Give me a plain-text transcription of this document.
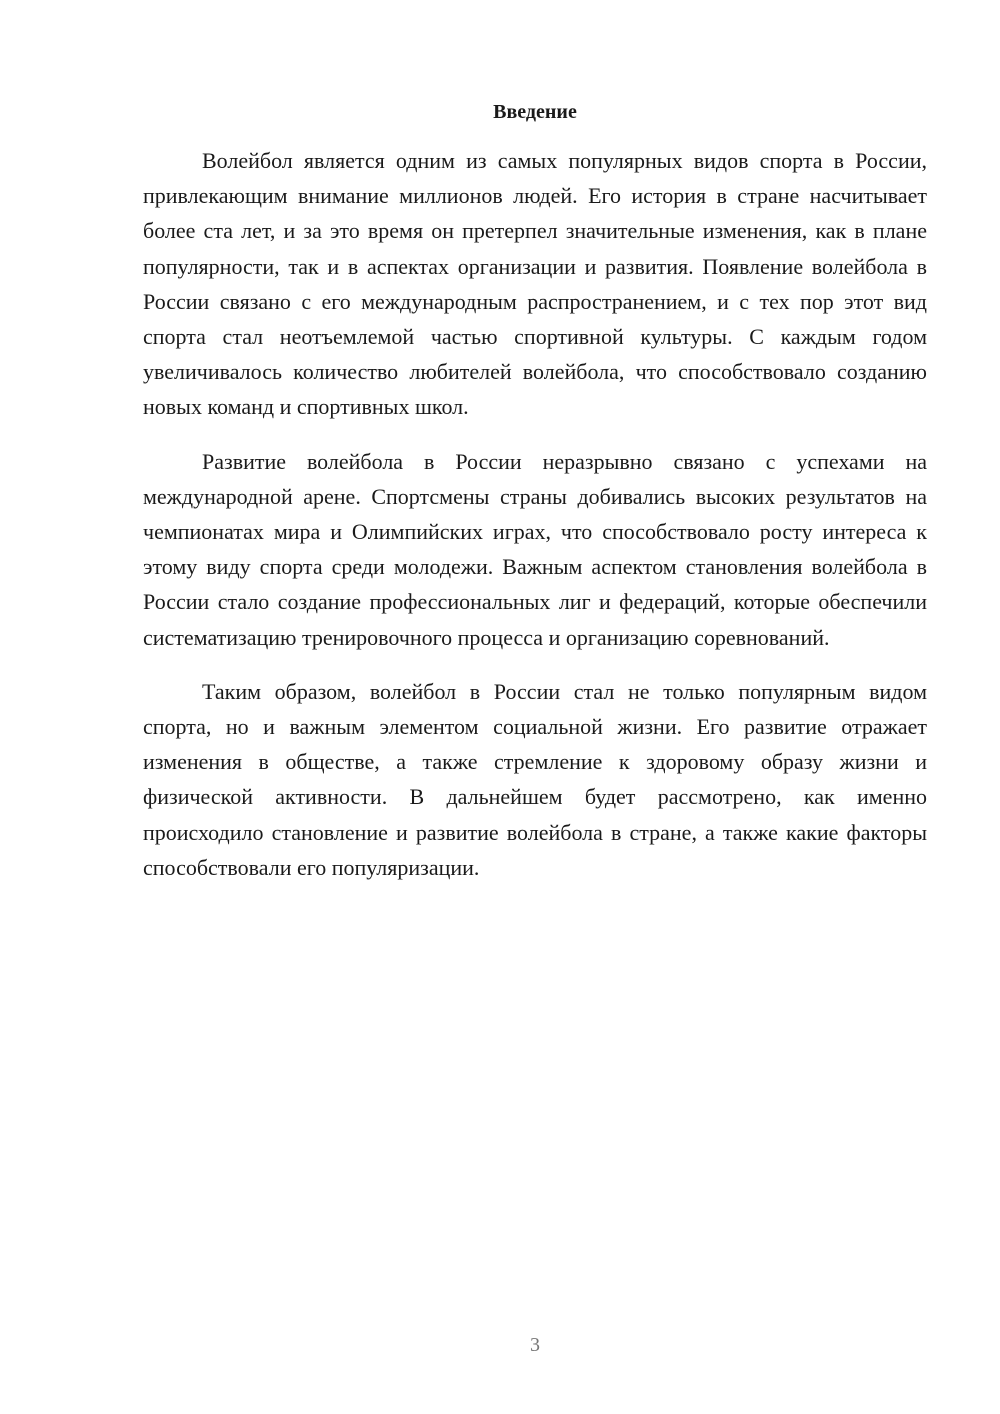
Введение

Волейбол является одним из самых популярных видов спорта в России, привлекающим внимание миллионов людей. Его история в стране насчитывает более ста лет, и за это время он претерпел значительные изменения, как в плане популярности, так и в аспектах организации и развития. Появление волейбола в России связано с его международным распространением, и с тех пор этот вид спорта стал неотъемлемой частью спортивной культуры. С каждым годом увеличивалось количество любителей волейбола, что способствовало созданию новых команд и спортивных школ.

Развитие волейбола в России неразрывно связано с успехами на международной арене. Спортсмены страны добивались высоких результатов на чемпионатах мира и Олимпийских играх, что способствовало росту интереса к этому виду спорта среди молодежи. Важным аспектом становления волейбола в России стало создание профессиональных лиг и федераций, которые обеспечили систематизацию тренировочного процесса и организацию соревнований.

Таким образом, волейбол в России стал не только популярным видом спорта, но и важным элементом социальной жизни. Его развитие отражает изменения в обществе, а также стремление к здоровому образу жизни и физической активности. В дальнейшем будет рассмотрено, как именно происходило становление и развитие волейбола в стране, а также какие факторы способствовали его популяризации.

3
